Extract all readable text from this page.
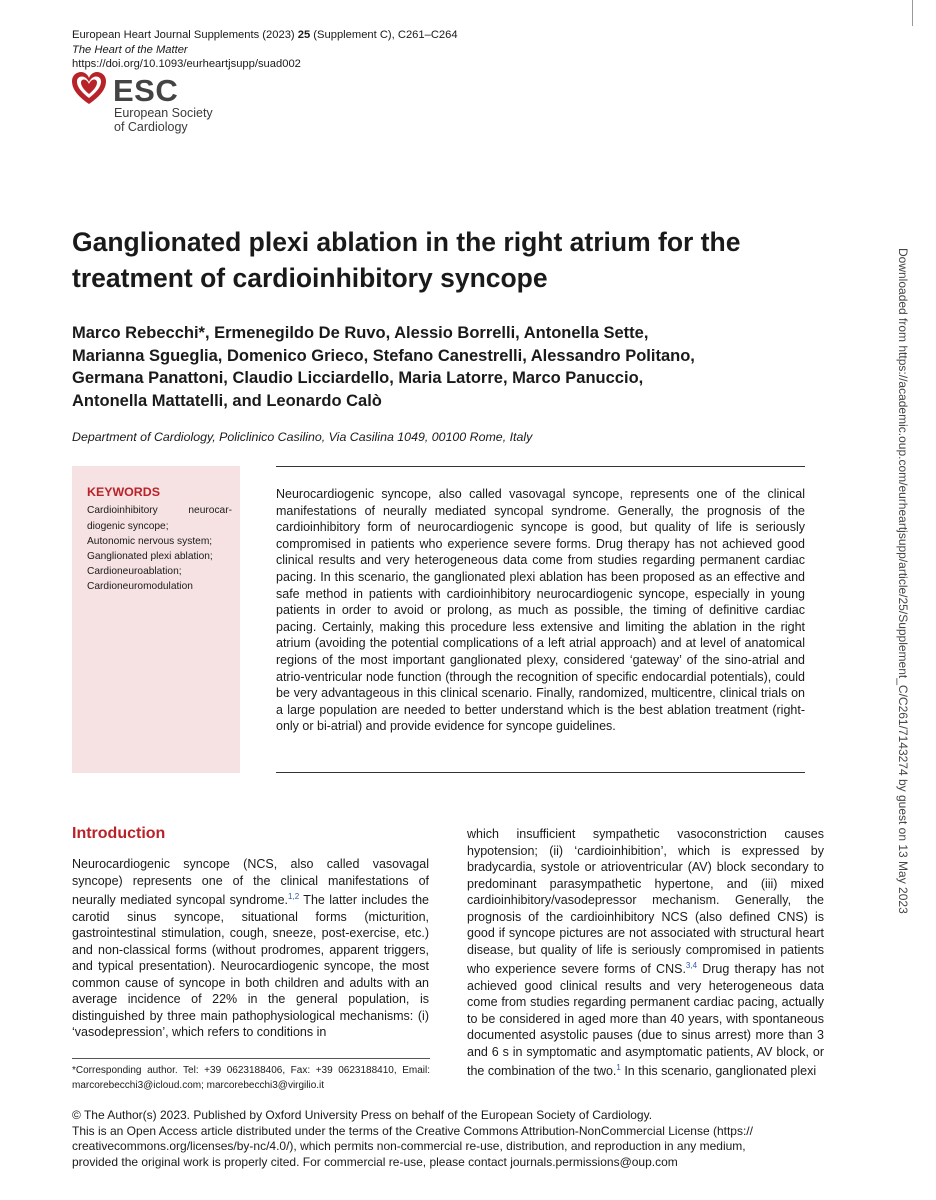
European Heart Journal Supplements (2023) 25 (Supplement C), C261–C264
The Heart of the Matter
https://doi.org/10.1093/eurheartjsupp/suad002
ESC
European Society
of Cardiology
Ganglionated plexi ablation in the right atrium for the treatment of cardioinhibitory syncope
Marco Rebecchi*, Ermenegildo De Ruvo, Alessio Borrelli, Antonella Sette,
Marianna Sgueglia, Domenico Grieco, Stefano Canestrelli, Alessandro Politano,
Germana Panattoni, Claudio Licciardello, Maria Latorre, Marco Panuccio,
Antonella Mattatelli, and Leonardo Calò
Department of Cardiology, Policlinico Casilino, Via Casilina 1049, 00100 Rome, Italy
KEYWORDS
Cardioinhibitory neurocar-diogenic syncope;
Autonomic nervous system;
Ganglionated plexi ablation;
Cardioneuroablation;
Cardioneuromodulation
Neurocardiogenic syncope, also called vasovagal syncope, represents one of the clinical manifestations of neurally mediated syncopal syndrome. Generally, the prognosis of the cardioinhibitory form of neurocardiogenic syncope is good, but quality of life is seriously compromised in patients who experience severe forms. Drug therapy has not achieved good clinical results and very heterogeneous data come from studies regarding permanent cardiac pacing. In this scenario, the ganglionated plexi ablation has been proposed as an effective and safe method in patients with cardioinhibitory neurocardiogenic syncope, especially in young patients in order to avoid or prolong, as much as possible, the timing of definitive cardiac pacing. Certainly, making this procedure less extensive and limiting the ablation in the right atrium (avoiding the potential complications of a left atrial approach) and at level of anatomical regions of the most important ganglionated plexy, considered ‘gateway’ of the sino-atrial and atrio-ventricular node function (through the recognition of specific endocardial potentials), could be very advantageous in this clinical scenario. Finally, randomized, multicentre, clinical trials on a large population are needed to better understand which is the best ablation treatment (right-only or bi-atrial) and provide evidence for syncope guidelines.
Introduction
Neurocardiogenic syncope (NCS, also called vasovagal syncope) represents one of the clinical manifestations of neurally mediated syncopal syndrome.$^{1,2}$ The latter includes the carotid sinus syncope, situational forms (micturition, gastrointestinal stimulation, cough, sneeze, post-exercise, etc.) and non-classical forms (without prodromes, apparent triggers, and typical presentation). Neurocardiogenic syncope, the most common cause of syncope in both children and adults with an average incidence of 22% in the general population, is distinguished by three main pathophysiological mechanisms: (i) ‘vasodepression’, which refers to conditions in
which insufficient sympathetic vasoconstriction causes hypotension; (ii) ‘cardioinhibition’, which is expressed by bradycardia, systole or atrioventricular (AV) block secondary to predominant parasympathetic hypertone, and (iii) mixed cardioinhibitory/vasodepressor mechanism. Generally, the prognosis of the cardioinhibitory NCS (also defined CNS) is good if syncope pictures are not associated with structural heart disease, but quality of life is seriously compromised in patients who experience severe forms of CNS.$^{3,4}$ Drug therapy has not achieved good clinical results and very heterogeneous data come from studies regarding permanent cardiac pacing, actually to be considered in aged more than 40 years, with spontaneous documented asystolic pauses (due to sinus arrest) more than 3 and 6 s in symptomatic and asymptomatic patients, AV block, or the combination of the two.$^1$ In this scenario, ganglionated plexi
*Corresponding author. Tel: +39 0623188406, Fax: +39 0623188410, Email: marcorebecchi3@icloud.com; marcorebecchi3@virgilio.it
© The Author(s) 2023. Published by Oxford University Press on behalf of the European Society of Cardiology.
This is an Open Access article distributed under the terms of the Creative Commons Attribution-NonCommercial License (https://
creativecommons.org/licenses/by-nc/4.0/), which permits non-commercial re-use, distribution, and reproduction in any medium,
provided the original work is properly cited. For commercial re-use, please contact journals.permissions@oup.com
Downloaded from https://academic.oup.com/eurheartjsupp/article/25/Supplement_C/C261/7143274 by guest on 13 May 2023
